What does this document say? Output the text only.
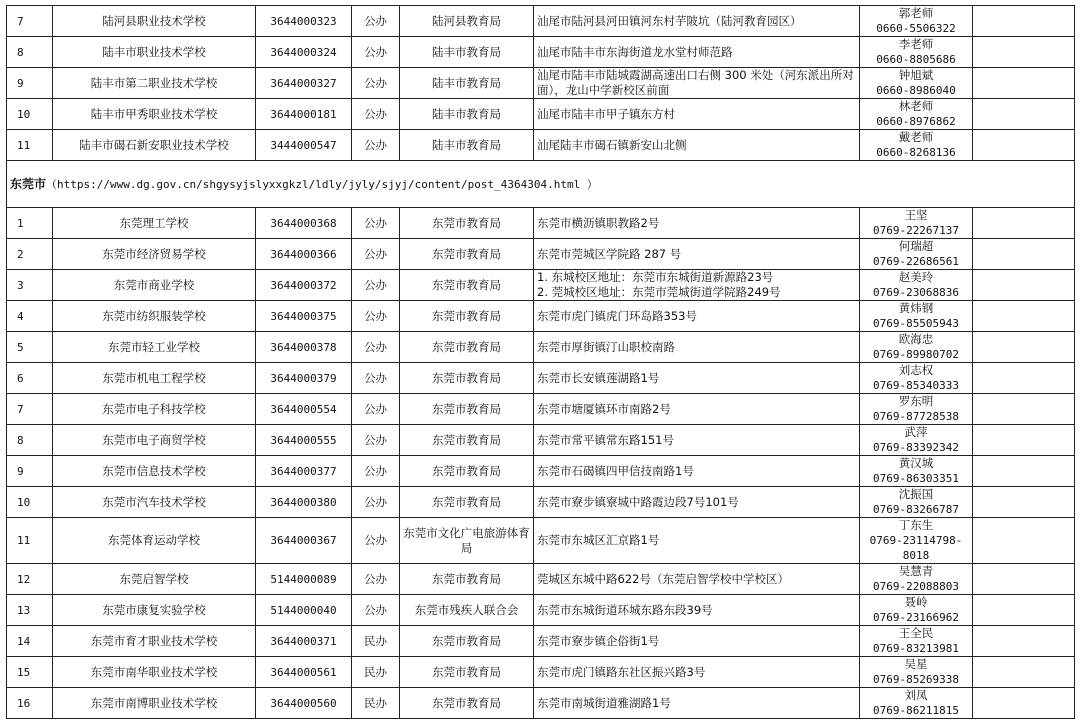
7	陆河县职业技术学校	3644000323	公办	陆河县教育局	汕尾市陆河县河田镇河东村芋陂坑（陆河教育园区）	郭老师
0660-5506322	

8	陆丰市职业技术学校	3644000324	公办	陆丰市教育局	汕尾市陆丰市东海街道龙水堂村师范路	李老师
0660-8805686	

9	陆丰市第二职业技术学校	3644000327	公办	陆丰市教育局	汕尾市陆丰市陆城霞湖高速出口右侧 300 米处（河东派出所对面），龙山中学新校区前面	钟旭斌
0660-8986040	

10	陆丰市甲秀职业技术学校	3644000181	公办	陆丰市教育局	汕尾市陆丰市甲子镇东方村	林老师
0660-8976862	

11	陆丰市碣石新安职业技术学校	3444000547	公办	陆丰市教育局	汕尾陆丰市碣石镇新安山北侧	戴老师
0660-8268136	

东莞市（https://www.dg.gov.cn/shgysyjslyxxgkzl/ldly/jyly/sjyj/content/post_4364304.html ）							
1	东莞理工学校	3644000368	公办	东莞市教育局	东莞市横沥镇职教路2号	王坚
0769-22267137	

2	东莞市经济贸易学校	3644000366	公办	东莞市教育局	东莞市莞城区学院路 287 号	何瑞超
0769-22686561	

3	东莞市商业学校	3644000372	公办	东莞市教育局	1. 东城校区地址：东莞市东城街道新源路23号
2. 莞城校区地址：东莞市莞城街道学院路249号	赵美玲
0769-23068836	

4	东莞市纺织服装学校	3644000375	公办	东莞市教育局	东莞市虎门镇虎门环岛路353号	黄炜钢
0769-85505943	

5	东莞市轻工业学校	3644000378	公办	东莞市教育局	东莞市厚街镇汀山职校南路	欧海忠
0769-89980702	

6	东莞市机电工程学校	3644000379	公办	东莞市教育局	东莞市长安镇莲湖路1号	刘志权
0769-85340333	

7	东莞市电子科技学校	3644000554	公办	东莞市教育局	东莞市塘厦镇环市南路2号	罗东明
0769-87728538	

8	东莞市电子商贸学校	3644000555	公办	东莞市教育局	东莞市常平镇常东路151号	武萍
0769-83392342	

9	东莞市信息技术学校	3644000377	公办	东莞市教育局	东莞市石碣镇四甲信技南路1号	黄汉城
0769-86303351	

10	东莞市汽车技术学校	3644000380	公办	东莞市教育局	东莞市寮步镇寮城中路霞边段7号101号	沈振国
0769-83266787	

11	东莞体育运动学校	3644000367	公办	东莞市文化广电旅游体育局	东莞市东城区汇京路1号	丁东生
0769-23114798-8018	

12	东莞启智学校	5144000089	公办	东莞市教育局	莞城区东城中路622号（东莞启智学校中学校区）	吴慧青
0769-22088803	

13	东莞市康复实验学校	5144000040	公办	东莞市残疾人联合会	东莞市东城街道环城东路东段39号	聂岭
0769-23166962	

14	东莞市育才职业技术学校	3644000371	民办	东莞市教育局	东莞市寮步镇企俗街1号	王全民
0769-83213981	

15	东莞市南华职业技术学校	3644000561	民办	东莞市教育局	东莞市虎门镇路东社区振兴路3号	吴星
0769-85269338	

16	东莞市南博职业技术学校	3644000560	民办	东莞市教育局	东莞市南城街道雅湖路1号	刘凤
0769-86211815	
